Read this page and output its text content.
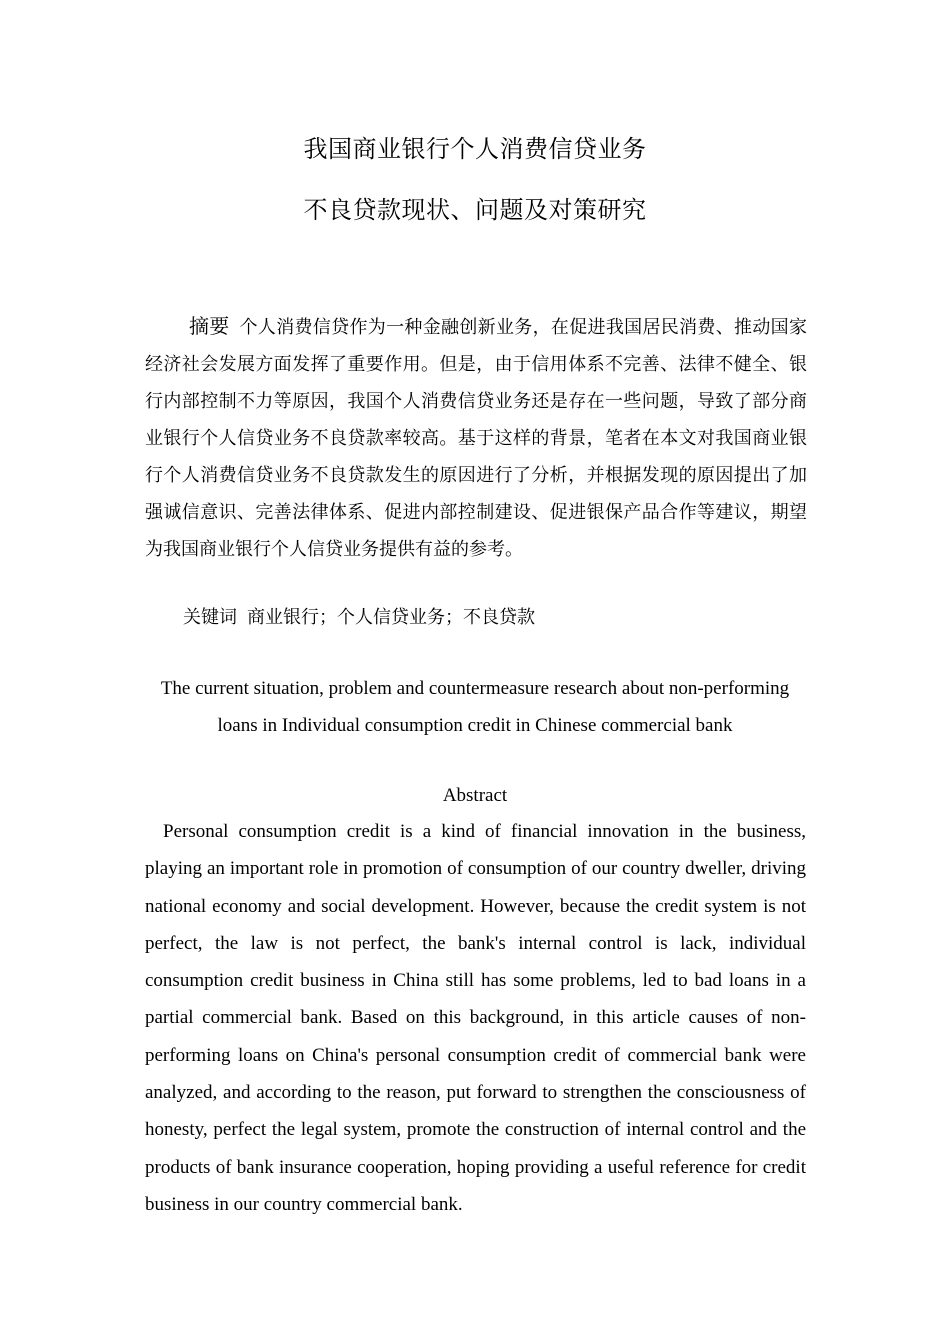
我国商业银行个人消费信贷业务
不良贷款现状、问题及对策研究
摘要 个人消费信贷作为一种金融创新业务，在促进我国居民消费、推动国家经济社会发展方面发挥了重要作用。但是，由于信用体系不完善、法律不健全、银行内部控制不力等原因，我国个人消费信贷业务还是存在一些问题，导致了部分商业银行个人信贷业务不良贷款率较高。基于这样的背景，笔者在本文对我国商业银行个人消费信贷业务不良贷款发生的原因进行了分析，并根据发现的原因提出了加强诚信意识、完善法律体系、促进内部控制建设、促进银保产品合作等建议，期望为我国商业银行个人信贷业务提供有益的参考。
关键词 商业银行；个人信贷业务；不良贷款
The current situation, problem and countermeasure research about non-performing
loans in Individual consumption credit in Chinese commercial bank
Abstract
Personal consumption credit is a kind of financial innovation in the business, playing an important role in promotion of consumption of our country dweller, driving national economy and social development. However, because the credit system is not perfect, the law is not perfect, the bank's internal control is lack, individual consumption credit business in China still has some problems, led to bad loans in a partial commercial bank. Based on this background, in this article causes of non-performing loans on China's personal consumption credit of commercial bank were analyzed, and according to the reason, put forward to strengthen the consciousness of honesty, perfect the legal system, promote the construction of internal control and the products of bank insurance cooperation, hoping providing a useful reference for credit business in our country commercial bank.
